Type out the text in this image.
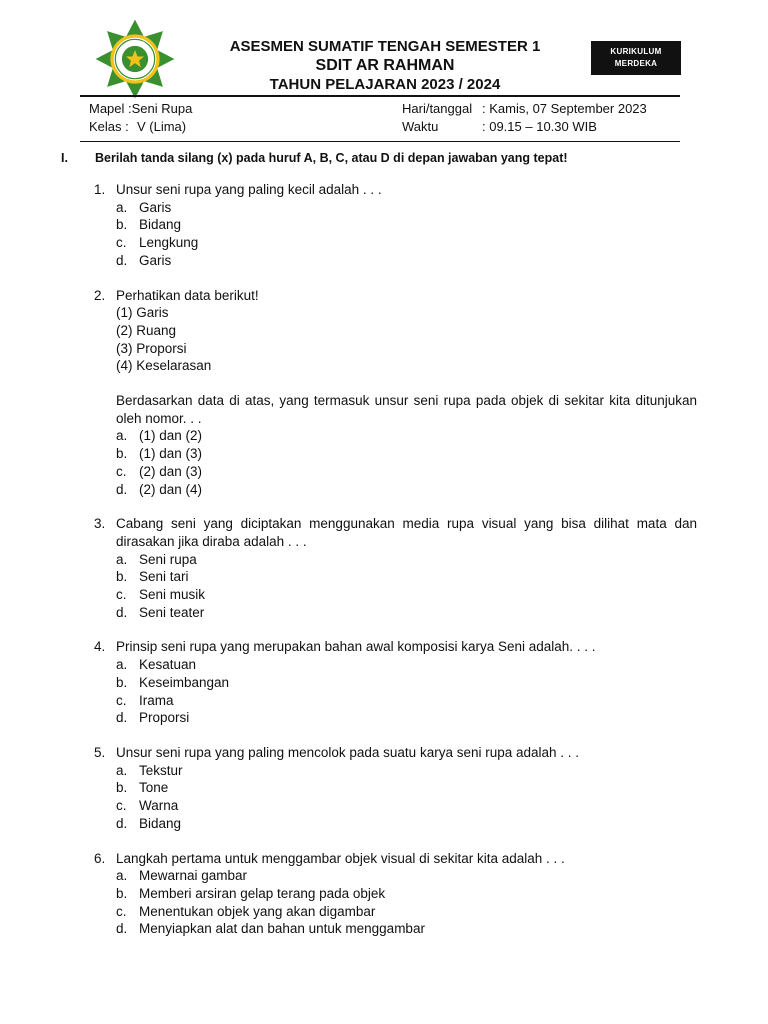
ASESMEN SUMATIF TENGAH SEMESTER 1
SDIT AR RAHMAN
TAHUN PELAJARAN 2023 / 2024
KURIKULUM
MERDEKA
Mapel : Seni Rupa
Kelas : V (Lima)
Hari/tanggal : Kamis, 07 September 2023
Waktu	: 09.15 – 10.30 WIB
I.	Berilah tanda silang (x) pada huruf A, B, C, atau D di depan jawaban yang tepat!
1. Unsur seni rupa yang paling kecil adalah . . .
a. Garis
b. Bidang
c. Lengkung
d. Garis
2. Perhatikan data berikut!
(1) Garis
(2) Ruang
(3) Proporsi
(4) Keselarasan
Berdasarkan data di atas, yang termasuk unsur seni rupa pada objek di sekitar kita ditunjukan oleh nomor. . .
a. (1) dan (2)
b. (1) dan (3)
c. (2) dan (3)
d. (2) dan (4)
3. Cabang seni yang diciptakan menggunakan media rupa visual yang bisa dilihat mata dan dirasakan jika diraba adalah . . .
a. Seni rupa
b. Seni tari
c. Seni musik
d. Seni teater
4. Prinsip seni rupa yang merupakan bahan awal komposisi karya Seni adalah. . . .
a. Kesatuan
b. Keseimbangan
c. Irama
d. Proporsi
5. Unsur seni rupa yang paling mencolok pada suatu karya seni rupa adalah . . .
a. Tekstur
b. Tone
c. Warna
d. Bidang
6. Langkah pertama untuk menggambar objek visual di sekitar kita adalah . . .
a. Mewarnai gambar
b. Memberi arsiran gelap terang pada objek
c. Menentukan objek yang akan digambar
d. Menyiapkan alat dan bahan untuk menggambar
